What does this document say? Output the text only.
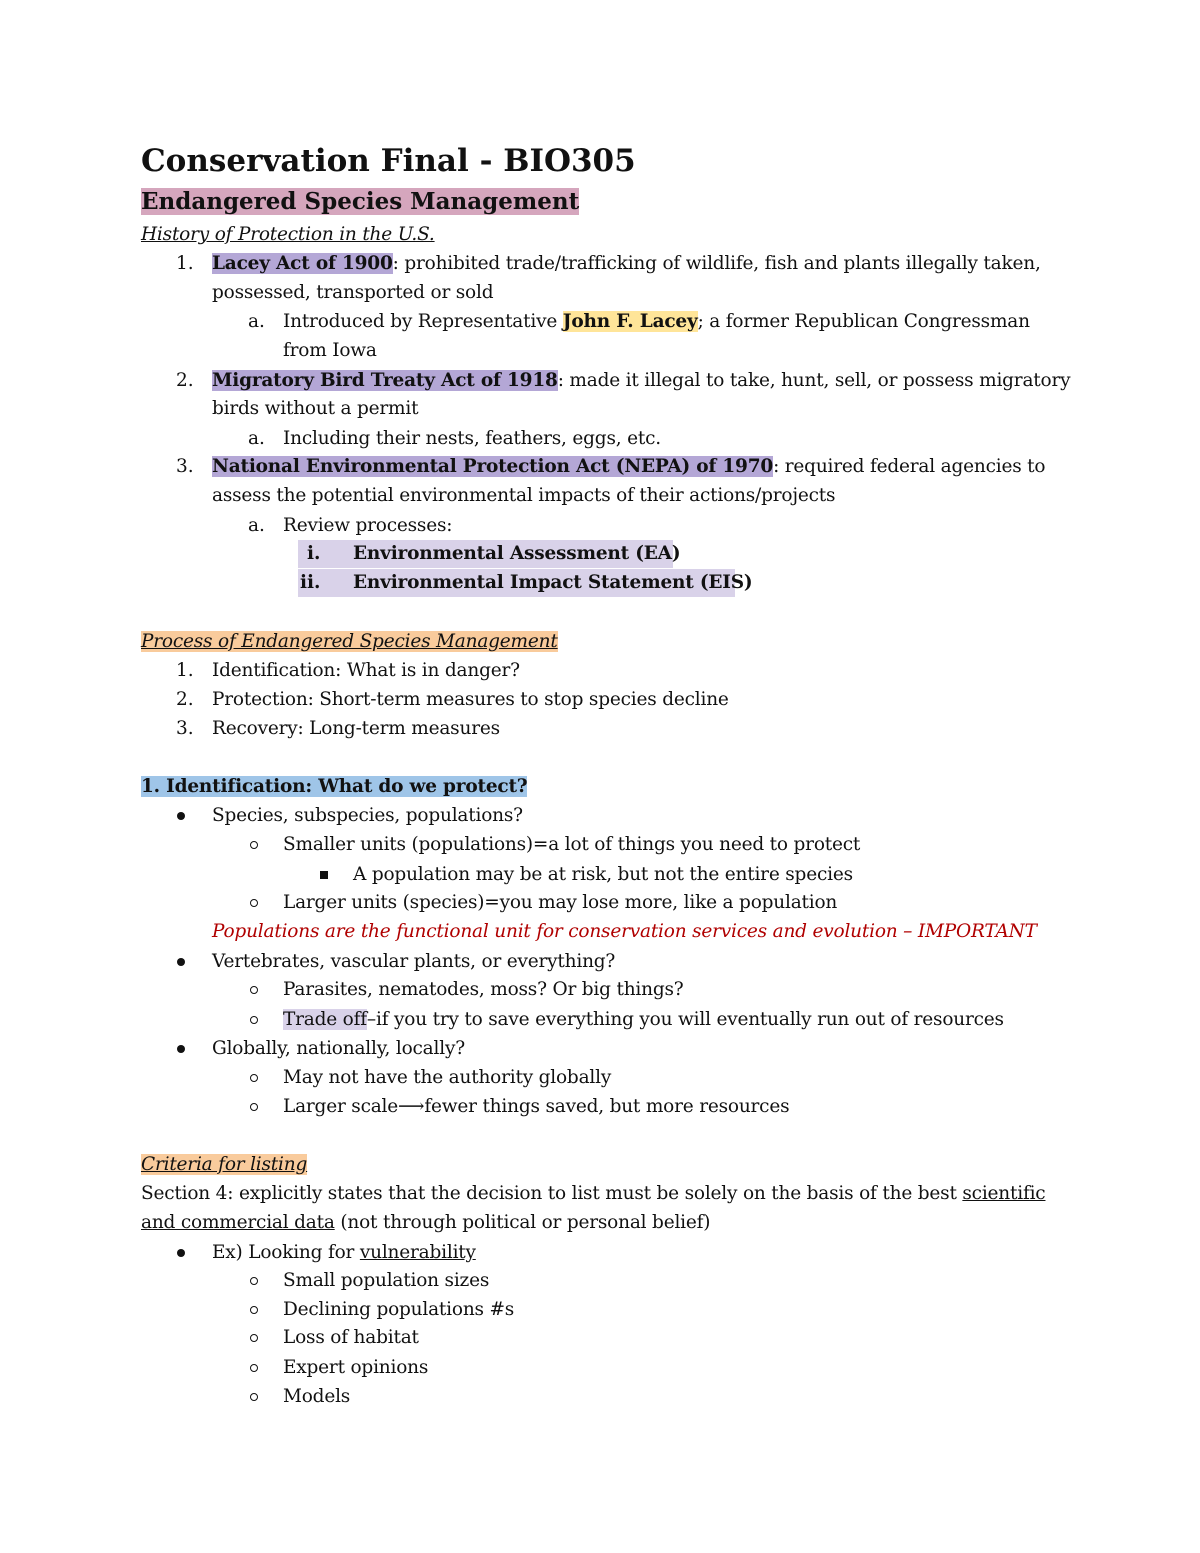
Conservation Final - BIO305
Endangered Species Management
History of Protection in the U.S.
1. Lacey Act of 1900: prohibited trade/trafficking of wildlife, fish and plants illegally taken,
possessed, transported or sold
a. Introduced by Representative John F. Lacey; a former Republican Congressman
from Iowa
2. Migratory Bird Treaty Act of 1918: made it illegal to take, hunt, sell, or possess migratory
birds without a permit
a. Including their nests, feathers, eggs, etc.
3. National Environmental Protection Act (NEPA) of 1970: required federal agencies to
assess the potential environmental impacts of their actions/projects
a. Review processes:
i. Environmental Assessment (EA)
ii. Environmental Impact Statement (EIS)
Process of Endangered Species Management
1. Identification: What is in danger?
2. Protection: Short-term measures to stop species decline
3. Recovery: Long-term measures
1. Identification: What do we protect?
Species, subspecies, populations?
Smaller units (populations)=a lot of things you need to protect
A population may be at risk, but not the entire species
Larger units (species)=you may lose more, like a population
Populations are the functional unit for conservation services and evolution – IMPORTANT
Vertebrates, vascular plants, or everything?
Parasites, nematodes, moss? Or big things?
Trade off–if you try to save everything you will eventually run out of resources
Globally, nationally, locally?
May not have the authority globally
Larger scale⟶fewer things saved, but more resources
Criteria for listing
Section 4: explicitly states that the decision to list must be solely on the basis of the best scientific
and commercial data (not through political or personal belief)
Ex) Looking for vulnerability
Small population sizes
Declining populations #s
Loss of habitat
Expert opinions
Models
